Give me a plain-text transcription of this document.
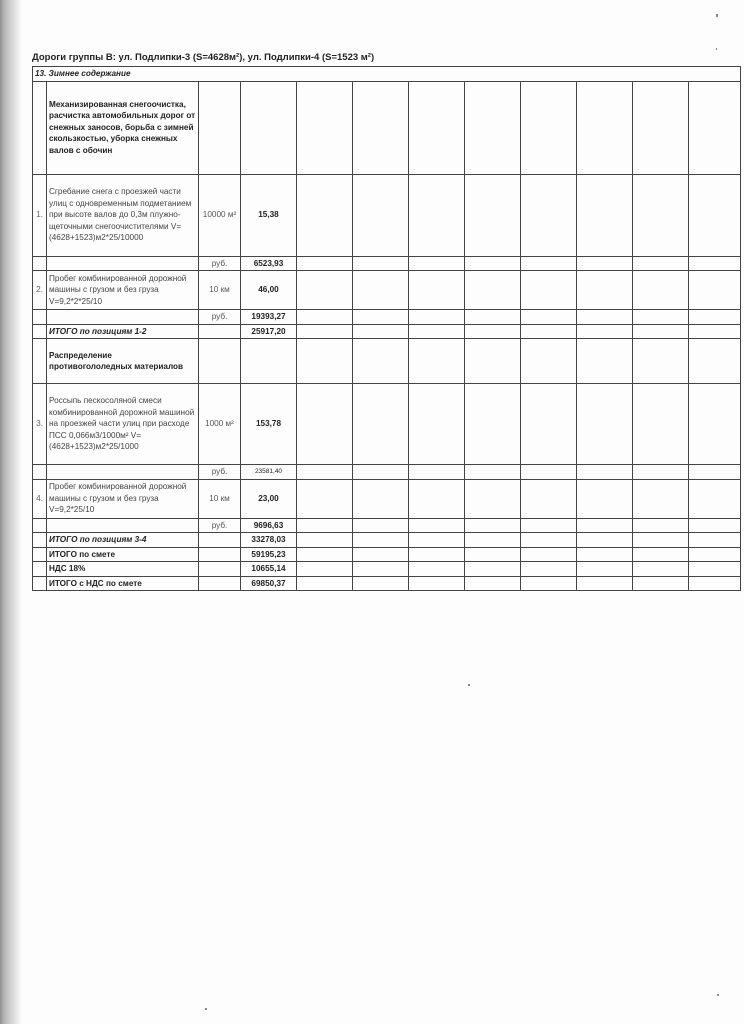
Дороги группы В: ул. Подлипки-3 (S=4628м²), ул. Подлипки-4 (S=1523 м²)
13. Зимнее содержание											
	Механизированная снегоочистка, расчистка автомобильных дорог от снежных заносов, борьба с зимней скользкостью, уборка снежных валов с обочин										
1.	Сгребание снега с проезжей части улиц с одновременным подметанием при высоте валов до 0,3м плужно-щеточными снегоочистителями V=(4628+1523)м2*25/10000	10000 м²	15,38								
		руб.	6523,93								
2.	Пробег комбинированной дорожной машины с грузом и без груза V=9,2*2*25/10	10 км	46,00								
		руб.	19393,27								
	ИТОГО по позициям 1-2		25917,20								
	Распределение противогололедных материалов										
3.	Россыпь пескосоляной смеси комбинированной дорожной машиной на проезжей части улиц при расходе ПСС 0,066м3/1000м² V=(4628+1523)м2*25/1000	1000 м²	153,78								
		руб.	23581,40								
4.	Пробег комбинированной дорожной машины с грузом и без груза V=9,2*25/10	10 км	23,00								
		руб.	9696,63								
	ИТОГО по позициям 3-4		33278,03								
	ИТОГО по смете		59195,23								
	НДС 18%		10655,14								
	ИТОГО с НДС по смете		69850,37								
